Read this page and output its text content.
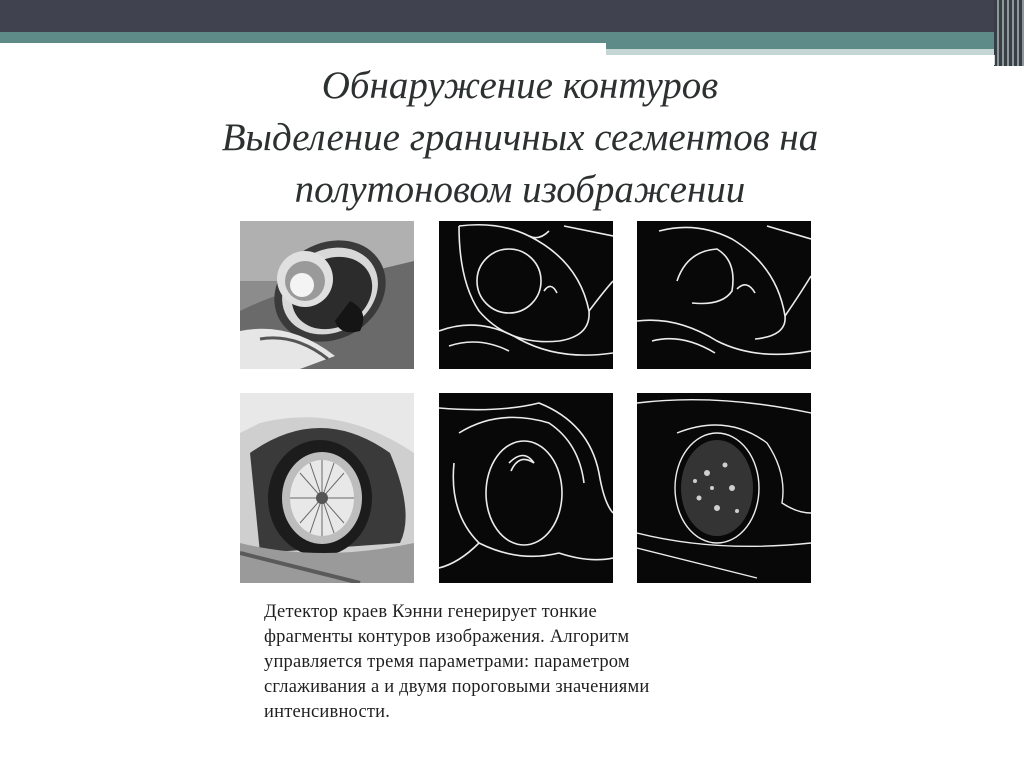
Обнаружение контуров
Выделение граничных сегментов на
полутоновом изображении
Детектор краев Кэнни генерирует тонкие
фрагменты контуров изображения. Алгоритм
управляется тремя параметрами: параметром
сглаживания а и двумя пороговыми значениями
интенсивности.
